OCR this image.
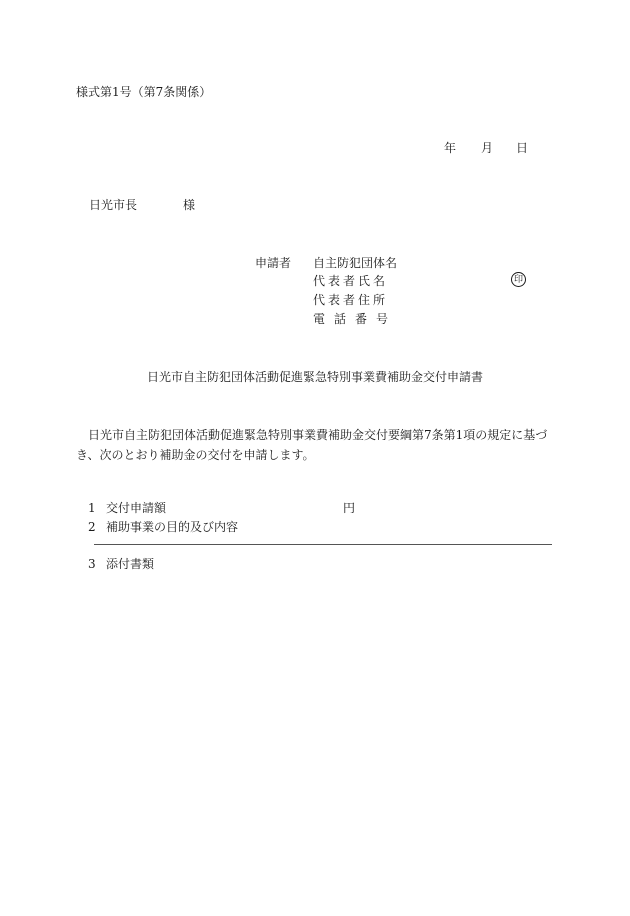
様式第1号（第7条関係）
年 月 日
日光市長	様
申請者 自主防犯団体名
代表者氏名
代表者住所
電話番号
印
日光市自主防犯団体活動促進緊急特別事業費補助金交付申請書
日光市自主防犯団体活動促進緊急特別事業費補助金交付要綱第7条第1項の規定に基づき、次のとおり補助金の交付を申請します。
1 交付申請額	円
2 補助事業の目的及び内容
3 添付書類
